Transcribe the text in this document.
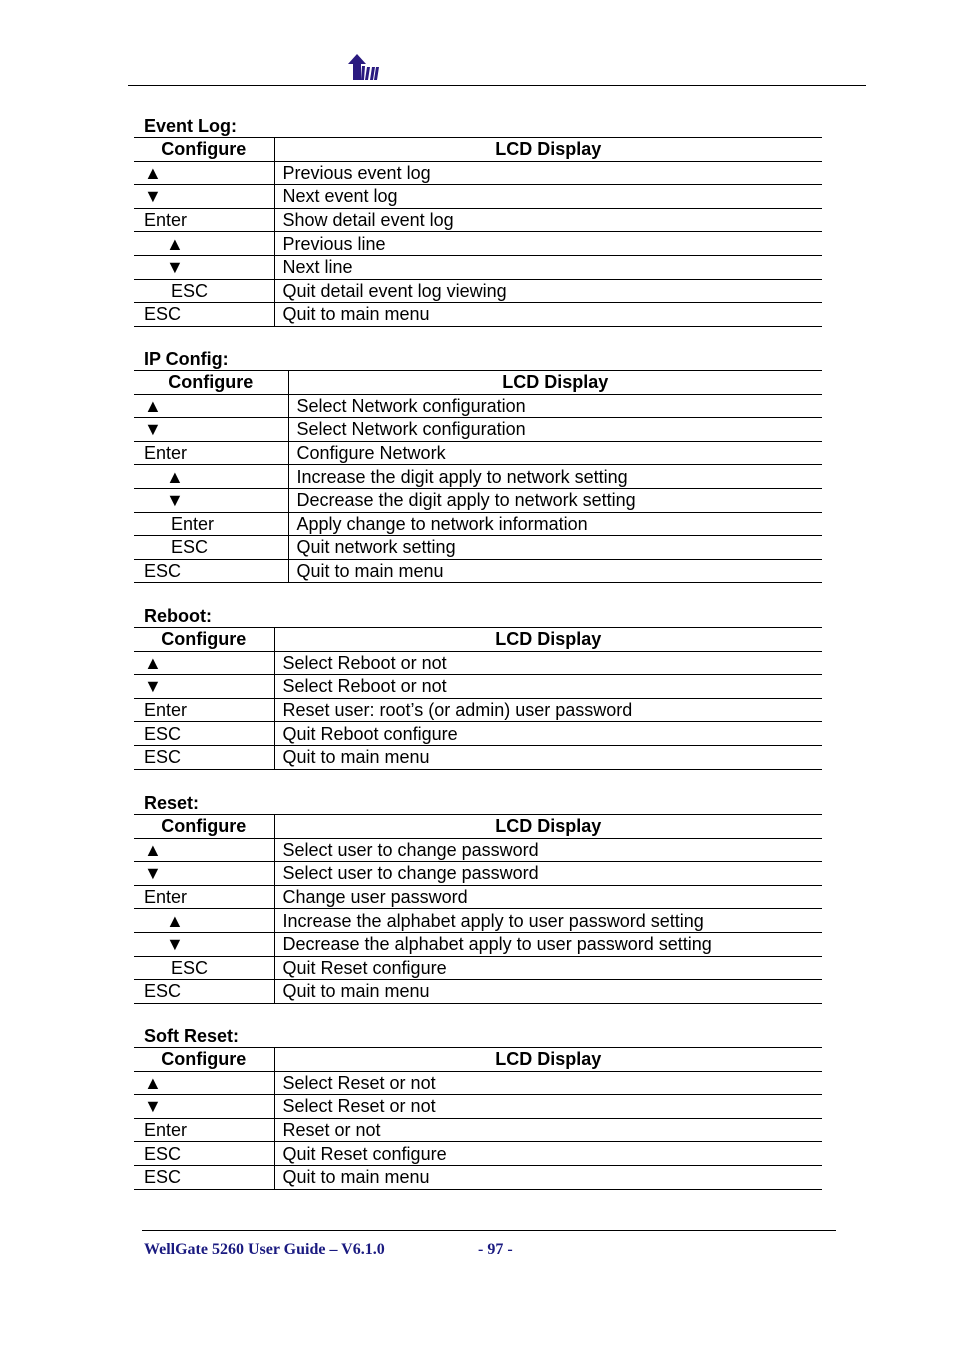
Event Log:
Configure	LCD Display
▲	Previous event log
▼	Next event log
Enter	Show detail event log
▲	Previous line
▼	Next line
ESC	Quit detail event log viewing
ESC	Quit to main menu
IP Config:
Configure	LCD Display
▲	Select Network configuration
▼	Select Network configuration
Enter	Configure Network
▲	Increase the digit apply to network setting
▼	Decrease the digit apply to network setting
Enter	Apply change to network information
ESC	Quit network setting
ESC	Quit to main menu
Reboot:
Configure	LCD Display
▲	Select Reboot or not
▼	Select Reboot or not
Enter	Reset user: root’s (or admin) user password
ESC	Quit Reboot configure
ESC	Quit to main menu
Reset:
Configure	LCD Display
▲	Select user to change password
▼	Select user to change password
Enter	Change user password
▲	Increase the alphabet apply to user password setting
▼	Decrease the alphabet apply to user password setting
ESC	Quit Reset configure
ESC	Quit to main menu
Soft Reset:
Configure	LCD Display
▲	Select Reset or not
▼	Select Reset or not
Enter	Reset or not
ESC	Quit Reset configure
ESC	Quit to main menu
WellGate 5260 User Guide – V6.1.0	- 97 -
